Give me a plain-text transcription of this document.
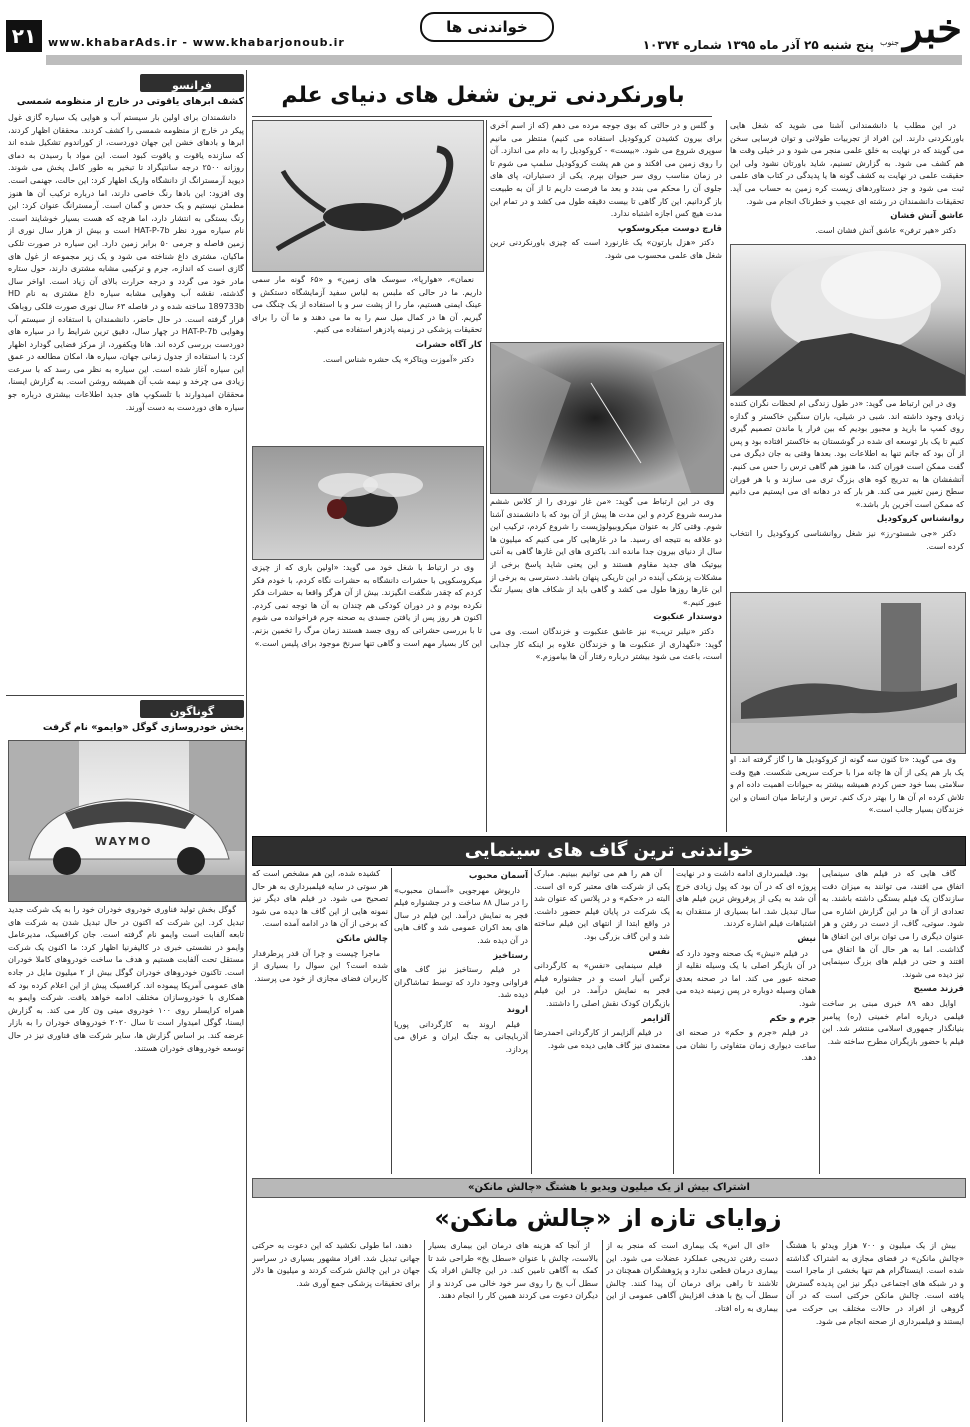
خبر
جنوب
پنج شنبه ۲۵ آذر ماه ۱۳۹۵ شماره ۱۰۳۷۴
خواندنی ها
www.khabarAds.ir - www.khabarjonoub.ir
۲۱
KHABAR-E-JONOUB MORNING NEWSPAPER
فرانسو
کشف ابرهای یاقوتی در خارج از منظومه شمسی

دانشمندان برای اولین بار سیستم آب و هوایی یک سیاره گازی غول پیکر در خارج از منظومه شمسی را کشف کردند. محققان اظهار کردند، ابرها و بادهای خشن این جهان دوردست، از کوراندوم تشکیل شده اند که سازنده یاقوت و یاقوت کبود است. این مواد با رسیدن به دمای روزانه ۲۵۰۰ درجه سانتیگراد تا تبخیر به طور کامل پخش می شوند. دیوید آرمسترانگ از دانشگاه واریک اظهار کرد: این حالت، جهنمی است. وی افزود: این بادها رنگ خاصی دارند، اما درباره ترکیب آن ها هنوز مطمئن نیستیم و یک حدس و گمان است. آرمسترانگ عنوان کرد: این رنگ بستگی به انتشار دارد، اما هرچه که هست بسیار خوشایند است. نام سیاره مورد نظر HAT-P-7b است و بیش از هزار سال نوری از زمین فاصله و جرمی ۵۰ برابر زمین دارد. این سیاره در صورت تلکی ماکیان، مشتری داغ شناخته می شود و یک زیر مجموعه از غول های گازی است که اندازه، جرم و ترکیبی مشابه مشتری دارند، حول ستاره مادر خود می گردد و درجه حرارت بالای آن زیاد است. اواخر سال گذشته، نقشه آب وهوایی مشابه سیاره داغ مشتری به نام HD 189733b ساخته شده و در فاصله ۶۳ سال نوری صورت فلکی روباهک قرار گرفته است. در حال حاضر، دانشمندان با استفاده از سیستم آب وهوایی HAT-P-7b در چهار سال، دقیق ترین شرایط را در سیاره های دوردست بررسی کرده اند. هانا ویکفورد، از مرکز فضایی گودارد اظهار کرد: با استفاده از جدول زمانی جهان، سیاره ها، امکان مطالعه در عمق این سیاره آغاز شده است. این سیاره به نظر می رسد که با سرعت زیادی می چرخد و نیمه شب آن همیشه روشن است. به گزارش ایسنا، محققان امیدوارند با تلسکوپ های جدید اطلاعات بیشتری درباره جو سیاره های دوردست به دست آورند.

گوناگون
بخش خودروسازی گوگل «وایمو» نام گرفت
WAYMO

گوگل بخش تولید فناوری خودروی خودران خود را به یک شرکت جدید تبدیل کرد. این شرکت که اکنون در حال تبدیل شدن به شرکت های تابعه آلفابت است وایمو نام گرفته است. جان کرافسیک، مدیرعامل وایمو در نشستی خبری در کالیفرنیا اظهار کرد: ما اکنون یک شرکت مستقل تحت آلفابت هستیم و هدف ما ساخت خودروهای کاملا خودران است. تاکنون خودروهای خودران گوگل بیش از ۲ میلیون مایل در جاده های عمومی آمریکا پیموده اند. کرافسیک پیش از این اعلام کرده بود که همکاری با خودروسازان مختلف ادامه خواهد یافت. شرکت وایمو به همراه کرایسلر روی ۱۰۰ خودروی مینی ون کار می کند. به گزارش ایسنا، گوگل امیدوار است تا سال ۲۰۲۰ خودروهای خودران را به بازار عرضه کند. بر اساس گزارش ها، سایر شرکت های فناوری نیز در حال توسعه خودروهای خودران هستند.

باورنکردنی ترین شغل های دنیای علم

در این مطلب با دانشمندانی آشنا می شوید که شغل هایی باورنکردنی دارند. این افراد از تجربیات طولانی و توان فرسایی سخن می گویند که در نهایت به خلق علمی منجر می شود و در خیلی وقت ها هم کشف می شود. به گزارش تسنیم، شاید باورتان نشود ولی این حقیقت علمی در نهایت به کشف گونه ها یا پدیدگی در کتاب های علمی ثبت می شود و جز دستاوردهای زیست کره زمین به حساب می آید. تحقیقات دانشمندان در رشته ای عجیب و خطرناک انجام می شود.

عاشق آتش فشان

دکتر «هیر ترفن» عاشق آتش فشان است.

وی در این ارتباط می گوید: «در طول زندگی ام لحظات نگران کننده زیادی وجود داشته اند. شبی در شیلی، باران سنگین خاکستر و گدازه روی کمپ ما بارید و مجبور بودیم که بین فرار یا ماندن تصمیم گیری کنیم تا یک بار توسعه ای شده در گوشستان به خاکستر افتاده بود و پس از آن بود که جانم تنها به اطلاعات بود. بعدها وقتی به جان دیگری می گفت ممکن است فوران کند، ما هنوز هم گاهی ترس را حس می کنیم. آتشفشان ها به تدریج کوه های بزرگ تری می سازند و با هر فوران سطح زمین تغییر می کند. هر بار که در دهانه ای می ایستیم می دانیم که ممکن است آخرین بار باشد.»

روانشناس کروکودیل

دکتر «جی شستو-رز» نیز شغل روانشناسی کروکودیل را انتخاب کرده است.

وی می گوید: «تا کنون سه گونه از کروکودیل ها را گاز گرفته اند. او یک بار هم یکی از آن ها چانه مرا با حرکت سریعی شکست. هیچ وقت سلامتی بسا خود حس کردم همیشه بیشتر به حیوانات اهمیت داده ام و تلاش کرده ام آن ها را بهتر درک کنم. ترس و ارتباط میان انسان و این خزندگان بسیار جالب است.»

و گلس و در حالتی که بوی جوجه مرده می دهم (که از اسم آخری برای بیرون کشیدن کروکودیل استفاده می کنیم) منتظر می مانیم سوپری شروع می شود. «بیست» - کروکودیل را به دام می اندازد. آن را روی زمین می افکند و من هم پشت کروکودیل سلمپ می شوم تا در زمان مناسب روی سر حیوان بپرم. یکی از دستیاران، پای های جلوی آن را محکم می بندد و بعد ما فرصت داریم تا از آن به طبیعت باز گردانیم. این کار گاهی تا بیست دقیقه طول می کشد و در تمام این مدت هیچ کس اجازه اشتباه ندارد.

قارچ دوست میکروسکوپ

دکتر «هزل بارتون» یک غارنورد است که چیزی باورنکردنی ترین شغل های علمی محسوب می شود.

وی در این ارتباط می گوید: «من غار نوردی را از کلاس ششم مدرسه شروع کردم و این مدت ها پیش از آن بود که با دانشمندی آشنا شوم. وقتی کار به عنوان میکروبیولوژیست را شروع کردم، ترکیب این دو علاقه به نتیجه ای رسید. ما در غارهایی کار می کنیم که میلیون ها سال از دنیای بیرون جدا مانده اند. باکتری های این غارها گاهی به آنتی بیوتیک های جدید مقاوم هستند و این یعنی شاید پاسخ برخی از مشکلات پزشکی آینده در این تاریکی پنهان باشد. دسترسی به برخی از این غارها روزها طول می کشد و گاهی باید از شکاف های بسیار تنگ عبور کنیم.»

دوستدار عنکبوت

دکتر «نیلبر تریب» نیز عاشق عنکبوت و خزندگان است. وی می گوید: «نگهداری از عنکبوت ها و خزندگان علاوه بر اینکه کار جذابی است، باعث می شود بیشتر درباره رفتار آن ها بیاموزم.»

نعمان»، «هوارپا»، سوسک های زمین» و «۶۵ گونه مار سمی داریم. ما در حالی که ملبس به لباس سفید آزمایشگاه دستکش و عینک ایمنی هستیم، مار را از پشت سر و با استفاده از یک چنگک می گیریم. آن ها در کمال میل سم را به ما می دهند و ما آن را برای تحقیقات پزشکی در زمینه پادزهر استفاده می کنیم.

کار آگاه حشرات

دکتر «آموزت ویتاکر» یک حشره شناس است.

وی در ارتباط با شغل خود می گوید: «اولین باری که از چیزی میکروسکوپی با حشرات دانشگاه به حشرات نگاه کردم، با خودم فکر کردم که چقدر شگفت انگیزند. بیش از آن هرگز واقعا به حشرات فکر نکرده بودم و در دوران کودکی هم چندان به آن ها توجه نمی کردم. اکنون هر روز پس از یافتن جسدی به صحنه جرم فراخوانده می شوم تا با بررسی حشراتی که روی جسد هستند زمان مرگ را تخمین بزنم. این کار بسیار مهم است و گاهی تنها سرنخ موجود برای پلیس است.»

خواندنی ترین گاف های سینمایی

گاف هایی که در فیلم های سینمایی اتفاق می افتند، می توانند به میزان دقت سازندگان یک فیلم بستگی داشته باشند. به تعدادی از آن ها در این گزارش اشاره می شود. سوتی، گاف، از دست در رفتن و هر عنوان دیگری را می توان برای این اتفاق ها گذاشت. اما به هر حال آن ها اتفاق می افتند و حتی در فیلم های بزرگ سینمایی نیز دیده می شوند.

فرزند مسیح

اوایل دهه ۸۹ خبری مبنی بر ساخت فیلمی درباره امام خمینی (ره) پیامبر بنیانگذار جمهوری اسلامی منتشر شد. این فیلم با حضور بازیگران مطرح ساخته شد.

بود. فیلمبرداری ادامه داشت و در نهایت پروژه ای که در آن بود که پول زیادی خرج آن شد به یکی از پرفروش ترین فیلم های سال تبدیل شد. اما بسیاری از منتقدان به اشتباهات فیلم اشاره کردند.

نیش

در فیلم «نیش» یک صحنه وجود دارد که در آن بازیگر اصلی با یک وسیله نقلیه از صحنه عبور می کند. اما در صحنه بعدی همان وسیله دوباره در پس زمینه دیده می شود.

جرم و حکم

در فیلم «جرم و حکم» در صحنه ای ساعت دیواری زمان متفاوتی را نشان می دهد.

آن هم را هم می توانیم ببینیم. مبارک یکی از شرکت های معتبر کره ای است. البته در «حکم» و در پلاتس که عنوان شد یک شرکت در پایان فیلم حضور داشت. در واقع ابتدا از انتهای این فیلم ساخته شد و این گاف بزرگی بود.

نفس

فیلم سینمایی «نفس» به کارگردانی نرگس آبیار است و در جشنواره فیلم فجر به نمایش درآمد. در این فیلم بازیگران کودک نقش اصلی را داشتند.

آلزایمر

در فیلم آلزایمر از کارگردانی احمدرضا معتمدی نیز گاف هایی دیده می شود.

آسمان محبوب

داریوش مهرجویی «آسمان محبوب» را در سال ۸۸ ساخت و در جشنواره فیلم فجر به نمایش درآمد. این فیلم در سال های بعد اکران عمومی شد و گاف هایی در آن دیده شد.

رستاخیز

در فیلم رستاخیز نیز گاف های فراوانی وجود دارد که توسط تماشاگران دیده شد.

اروند

فیلم اروند به کارگردانی پوریا آذربایجانی به جنگ ایران و عراق می پردازد.

کشیده شده، این هم مشخص است که هر سوتی در سایه فیلمبرداری به هر حال تصحیح می شود. در فیلم های دیگر نیز نمونه هایی از این گاف ها دیده می شود که برخی از آن ها در ادامه آمده است.

چالش مانکن

ماجرا چیست و چرا آن قدر پرطرفدار شده است؟ این سوال را بسیاری از کاربران فضای مجازی از خود می پرسند.

اشتراک بیش از یک میلیون ویدیو با هشتگ «چالش مانکن»
زوایای تازه از «چالش مانکن»

بیش از یک میلیون و ۷۰۰ هزار ویدئو با هشتگ «چالش مانکن» در فضای مجازی به اشتراک گذاشته شده است. اینستاگرام هم تنها بخشی از ماجرا است و در شبکه های اجتماعی دیگر نیز این پدیده گسترش یافته است. چالش مانکن حرکتی است که در آن گروهی از افراد در حالات مختلف بی حرکت می ایستند و فیلمبرداری از صحنه انجام می شود.

«ای ال اس» یک بیماری است که منجر به از دست رفتن تدریجی عملکرد عضلات می شود. این بیماری درمان قطعی ندارد و پژوهشگران همچنان در تلاشند تا راهی برای درمان آن پیدا کنند. چالش سطل آب یخ با هدف افزایش آگاهی عمومی از این بیماری به راه افتاد.

از آنجا که هزینه های درمان این بیماری بسیار بالاست، چالش با عنوان «سطل یخ» طراحی شد تا کمک به آگاهی تامین کند. در این چالش افراد یک سطل آب یخ را روی سر خود خالی می کردند و از دیگران دعوت می کردند همین کار را انجام دهند.

دهند، اما طولی نکشید که این دعوت به حرکتی جهانی تبدیل شد. افراد مشهور بسیاری در سراسر جهان در این چالش شرکت کردند و میلیون ها دلار برای تحقیقات پزشکی جمع آوری شد.
